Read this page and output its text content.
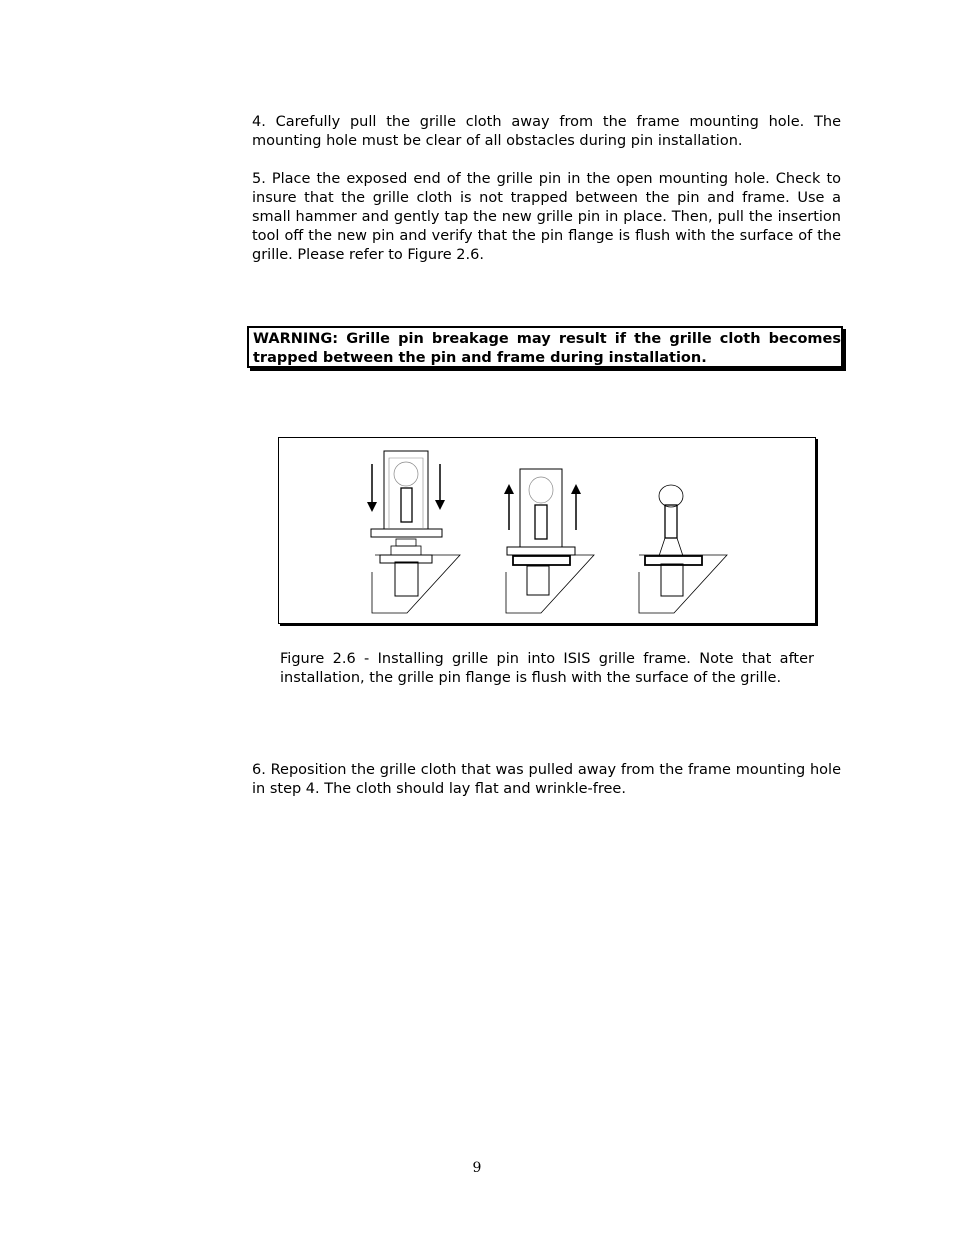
4. Carefully pull the grille cloth away from the frame mounting hole. The mounting hole must be clear of all obstacles during pin installation.

5. Place the exposed end of the grille pin in the open mounting hole. Check to insure that the grille cloth is not trapped between the pin and frame. Use a small hammer and gently tap the new grille pin in place. Then, pull the insertion tool off the new pin and verify that the pin flange is flush with the surface of the grille. Please refer to Figure 2.6.

WARNING: Grille pin breakage may result if the grille cloth becomes trapped between the pin and frame during installation.

Figure 2.6 - Installing grille pin into ISIS grille frame. Note that after installation, the grille pin flange is flush with the surface of the grille.

6. Reposition the grille cloth that was pulled away from the frame mounting hole in step 4. The cloth should lay flat and wrinkle-free.

9
